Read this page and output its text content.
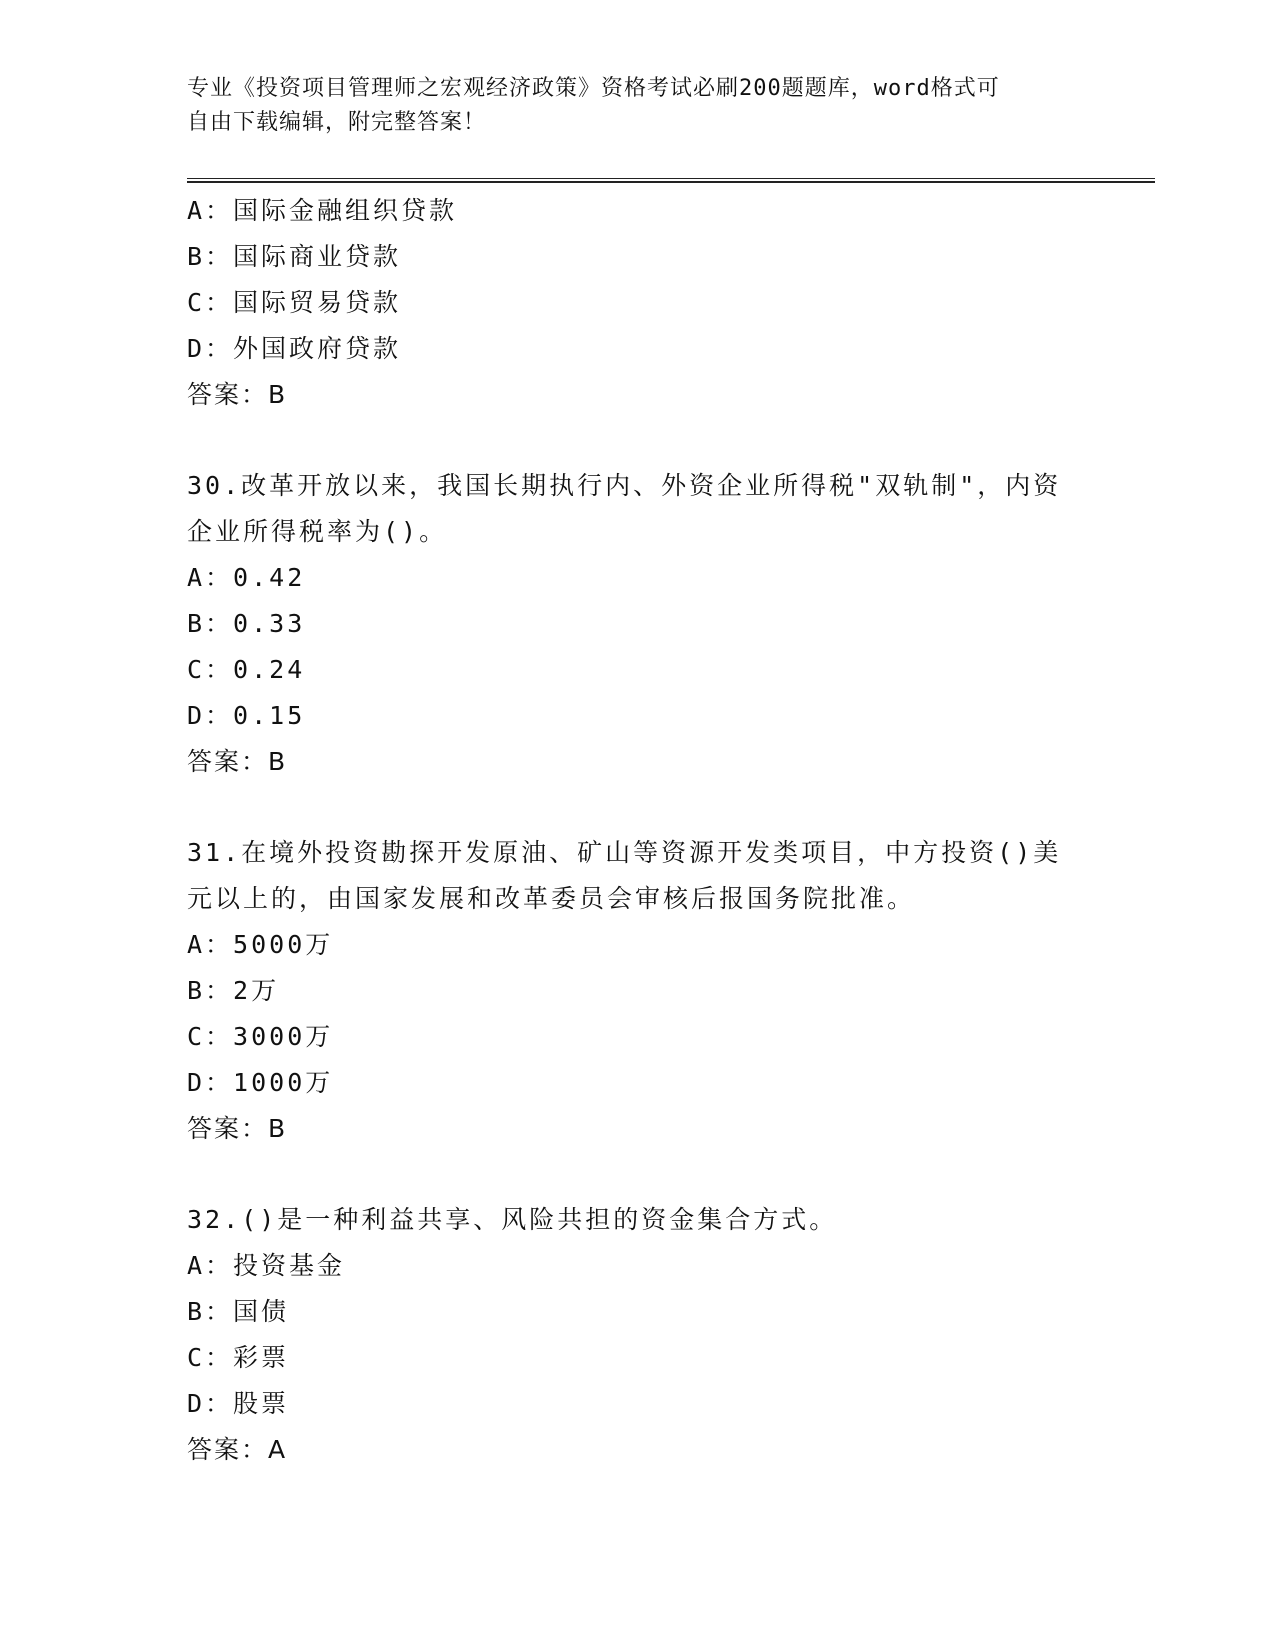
专业《投资项目管理师之宏观经济政策》资格考试必刷200题题库，word格式可
自由下载编辑，附完整答案！
A：国际金融组织贷款
B：国际商业贷款
C：国际贸易贷款
D：外国政府贷款
答案：B
30.改革开放以来，我国长期执行内、外资企业所得税"双轨制"，内资企业所得税率为()。
A：0.42
B：0.33
C：0.24
D：0.15
答案：B
31.在境外投资勘探开发原油、矿山等资源开发类项目，中方投资()美元以上的，由国家发展和改革委员会审核后报国务院批准。
A：5000万
B：2万
C：3000万
D：1000万
答案：B
32.()是一种利益共享、风险共担的资金集合方式。
A：投资基金
B：国债
C：彩票
D：股票
答案：A
